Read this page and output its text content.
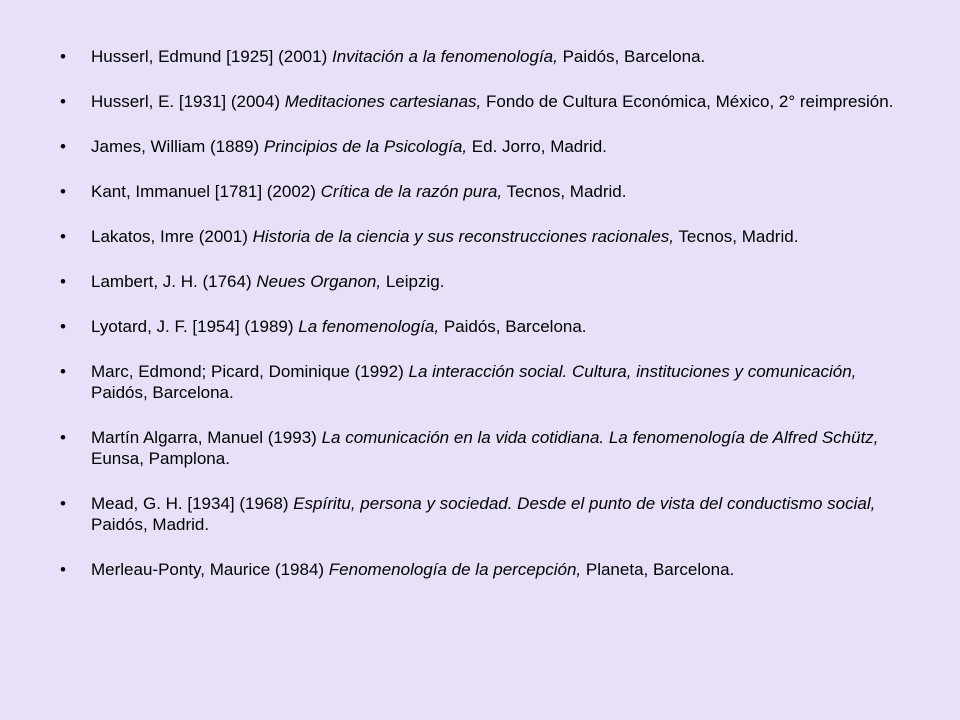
• Husserl, Edmund [1925] (2001) Invitación a la fenomenología, Paidós, Barcelona.
• Husserl, E. [1931] (2004) Meditaciones cartesianas, Fondo de Cultura Económica, México, 2° reimpresión.
• James, William (1889) Principios de la Psicología, Ed. Jorro, Madrid.
• Kant, Immanuel [1781] (2002) Crítica de la razón pura, Tecnos, Madrid.
• Lakatos, Imre (2001) Historia de la ciencia y sus reconstrucciones racionales, Tecnos, Madrid.
• Lambert, J. H. (1764) Neues Organon, Leipzig.
• Lyotard, J. F. [1954] (1989) La fenomenología, Paidós, Barcelona.
• Marc, Edmond; Picard, Dominique (1992) La interacción social. Cultura, instituciones y comunicación, Paidós, Barcelona.
• Martín Algarra, Manuel (1993) La comunicación en la vida cotidiana. La fenomenología de Alfred Schütz, Eunsa, Pamplona.
• Mead, G. H. [1934] (1968) Espíritu, persona y sociedad. Desde el punto de vista del conductismo social, Paidós, Madrid.
• Merleau-Ponty, Maurice (1984) Fenomenología de la percepción, Planeta, Barcelona.
